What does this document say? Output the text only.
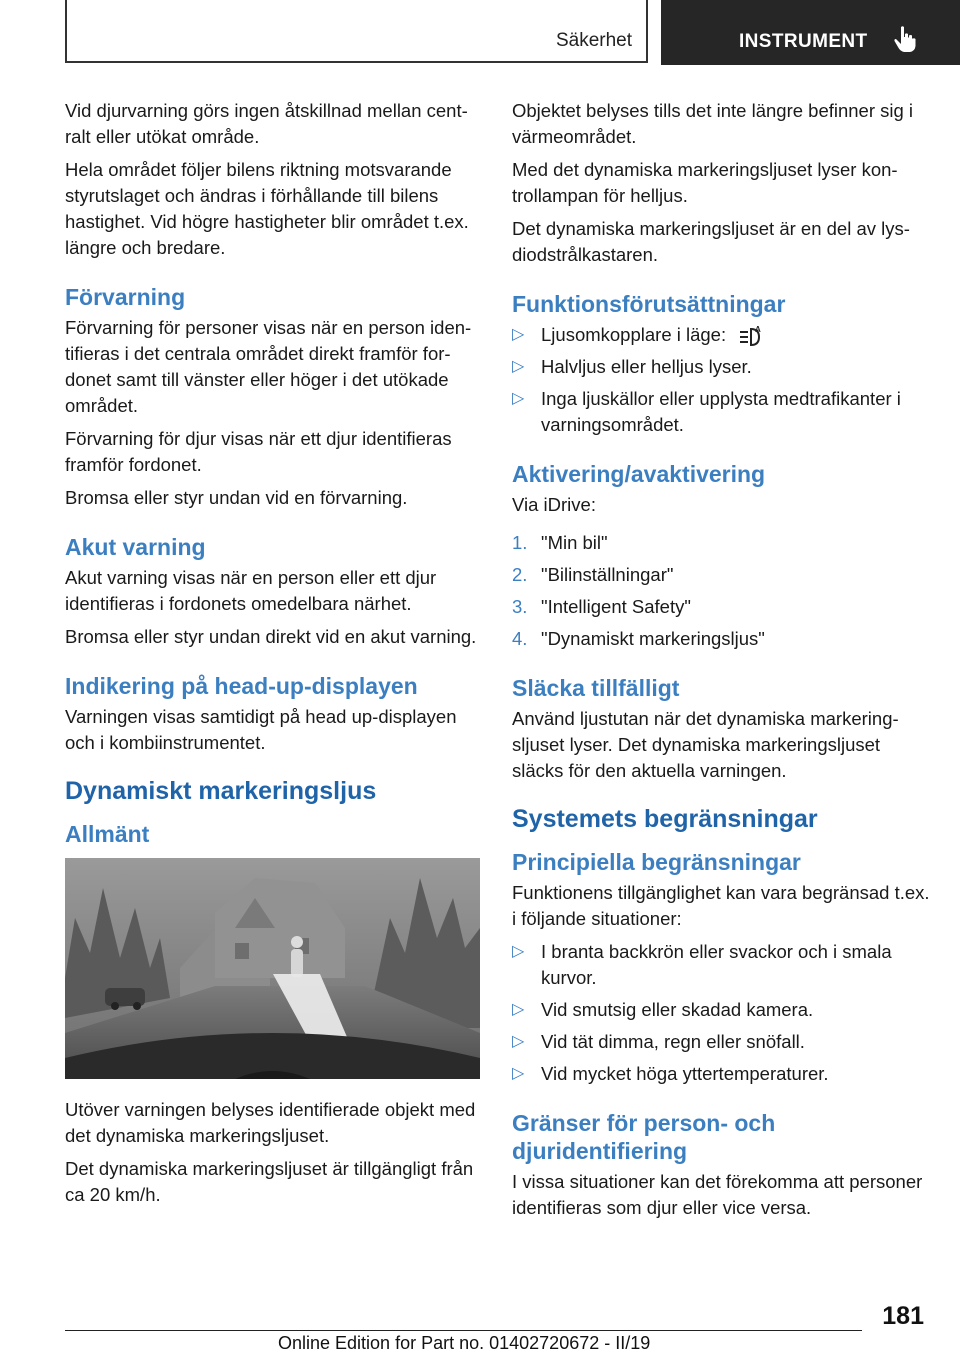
Säkerhet	INSTRUMENT

Vid djurvarning görs ingen åtskillnad mellan centralt eller utökat område.

Hela området följer bilens riktning motsvarande styrutslaget och ändras i förhållande till bilens hastighet. Vid högre hastigheter blir området t.ex. längre och bredare.

Förvarning

Förvarning för personer visas när en person identifieras i det centrala området direkt framför fordonet samt till vänster eller höger i det utökade området.

Förvarning för djur visas när ett djur identifieras framför fordonet.

Bromsa eller styr undan vid en förvarning.

Akut varning

Akut varning visas när en person eller ett djur identifieras i fordonets omedelbara närhet.

Bromsa eller styr undan direkt vid en akut varning.

Indikering på head-up-displayen

Varningen visas samtidigt på head up-displayen och i kombiinstrumentet.

Dynamiskt markeringsljus
Allmänt

Utöver varningen belyses identifierade objekt med det dynamiska markeringsljuset.

Det dynamiska markeringsljuset är tillgängligt från ca 20 km/h.

Objektet belyses tills det inte längre befinner sig i värmeområdet.

Med det dynamiska markeringsljuset lyser kontrollampan för helljus.

Det dynamiska markeringsljuset är en del av lysdiodstrålkastaren.

Funktionsförutsättningar
▷ Ljusomkopplare i läge:	A
▷ Halvljus eller helljus lyser.
▷ Inga ljuskällor eller upplysta medtrafikanter i varningsområdet.
Aktivering/avaktivering

Via iDrive:

1. "Min bil"
2. "Bilinställningar"
3. "Intelligent Safety"
4. "Dynamiskt markeringsljus"
Släcka tillfälligt

Använd ljustutan när det dynamiska markeringsljuset lyser. Det dynamiska markeringsljuset släcks för den aktuella varningen.

Systemets begränsningar
Principiella begränsningar

Funktionens tillgänglighet kan vara begränsad t.ex. i följande situationer:

▷ I branta backkrön eller svackor och i smala kurvor.
▷ Vid smutsig eller skadad kamera.
▷ Vid tät dimma, regn eller snöfall.
▷ Vid mycket höga yttertemperaturer.
Gränser för person- och djuridentifiering

I vissa situationer kan det förekomma att personer identifieras som djur eller vice versa.

181
Online Edition for Part no. 01402720672 - II/19
